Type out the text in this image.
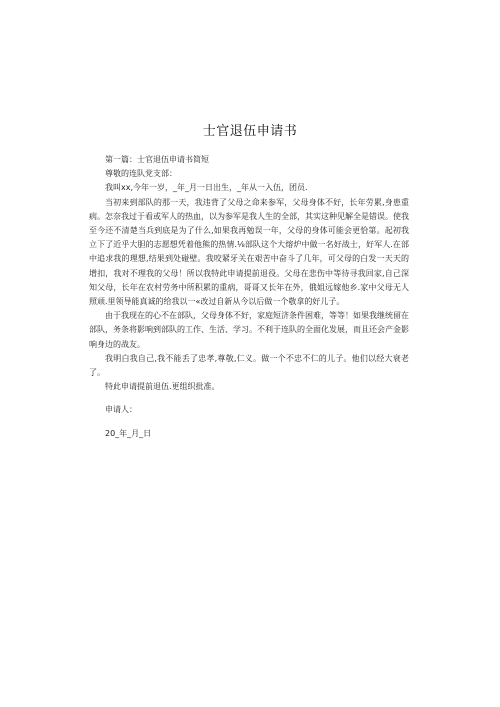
士官退伍申请书

第一篇：士官退伍申请书简短

尊敬的连队党支部：

我叫xx,今年一岁，_年_月一日出生，_年从一入伍，团员.

当初来到部队的那一天，我违背了父母之命来参军，父母身体不好，长年劳累,身患重病。怎奈我过于看或军人的热血，以为参军是我人生的全部，其实这种见解全是错误。使我至今还不清楚当兵到底是为了什么,如果我再勉误一年，父母的身体可能会更恰第。起初我立下了近乎大胆的志愿想凭着他熊的热情.⅛部队这个大熔炉中做一名好战士，好军人.在部中追求我的理想,结果到处碰壁。我咬紧牙关在艰苦中奋斗了几年，可父母的白发一天天的增扣，我对不理我的父母！所以我特此申请提前退役。父母在悲伤中等待寻我回家,自己深知父母，长年在农村劳务中所积累的重病，哥哥又长年在外，俄姐远嫁他乡.家中父母无人照顽.里领导能真诚的给我以一«改过自新从今以后做一个敬拿的好儿子。

由于我现在的心不在部队，父母身体不好，家庭短济条件困难，等等！如果我继统留在部队，务条将影响到部队的工作、生活、学习。不利于连队的全面化发展，而且还会产金影响身边的战友。

我明白我自己,我不能丢了忠孝,尊敬,仁义。做一个不忠不仁的儿子。他们以经大衰老了。

特此申请提前退伍.更组织批准。

申请人：

20_年_月_日
